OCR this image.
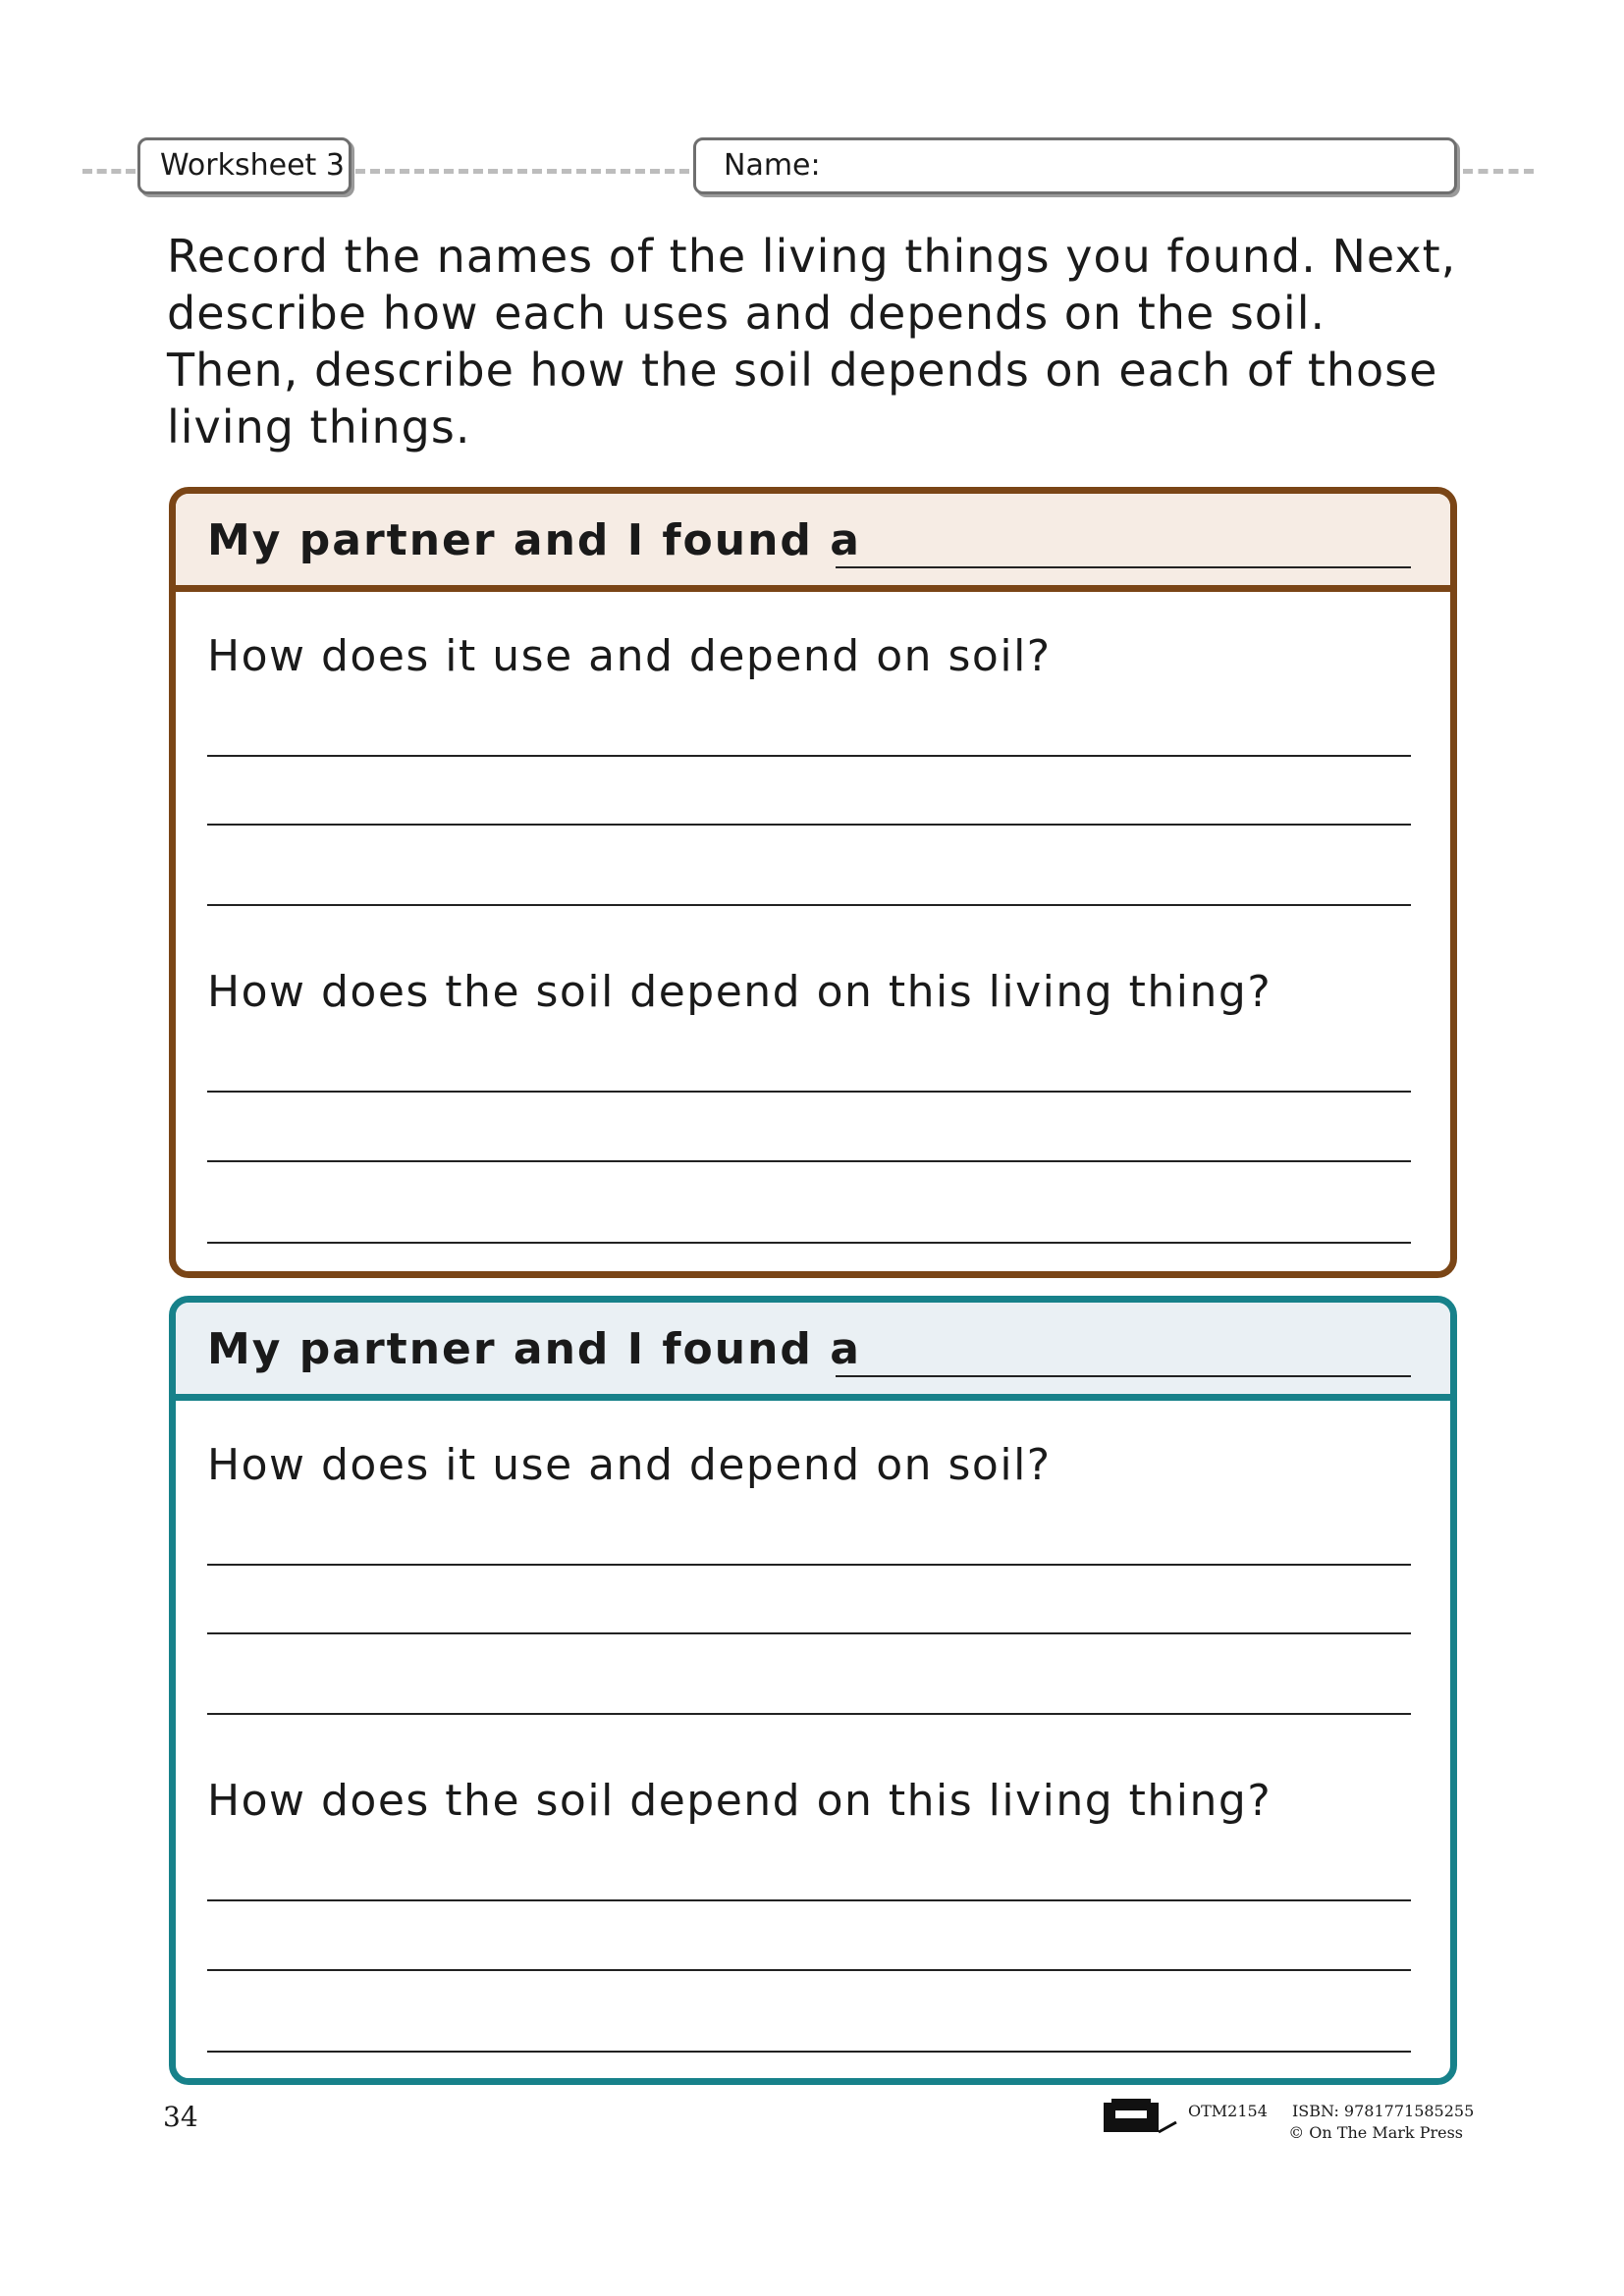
Worksheet 3	Name:

Record the names of the living things you found. Next, describe how each uses and depends on the soil. Then, describe how the soil depends on each of those living things.

My partner and I found a
How does it use and depend on soil?
How does the soil depend on this living thing?
My partner and I found a
How does it use and depend on soil?
How does the soil depend on this living thing?
34	OTM2154 ISBN: 9781771585255
© On The Mark Press
